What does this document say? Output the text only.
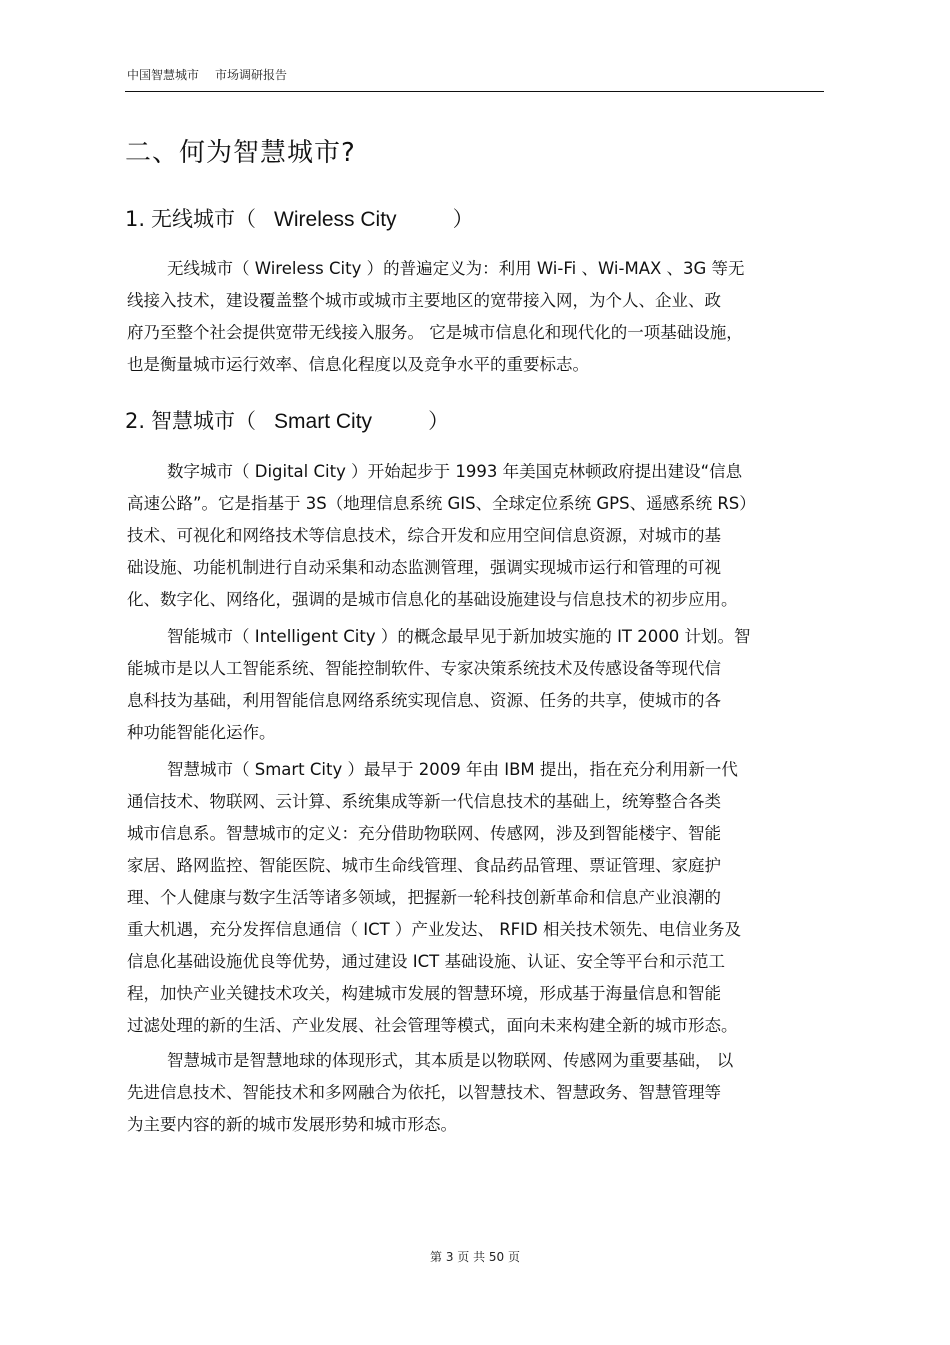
中国智慧城市 市场调研报告
二、何为智慧城市?
1. 无线城市（ Wireless City	）
无线城市（ Wireless City ）的普遍定义为：利用 Wi-Fi 、Wi-MAX 、3G 等无
线接入技术，建设覆盖整个城市或城市主要地区的宽带接入网，为个人、企业、政
府乃至整个社会提供宽带无线接入服务。 它是城市信息化和现代化的一项基础设施，
也是衡量城市运行效率、信息化程度以及竞争水平的重要标志。
2. 智慧城市（ Smart City	）
数字城市（ Digital City ）开始起步于 1993 年美国克林顿政府提出建设“信息
高速公路”。它是指基于 3S（地理信息系统 GIS、全球定位系统 GPS、遥感系统 RS）
技术、可视化和网络技术等信息技术，综合开发和应用空间信息资源，对城市的基
础设施、功能机制进行自动采集和动态监测管理，强调实现城市运行和管理的可视
化、数字化、网络化，强调的是城市信息化的基础设施建设与信息技术的初步应用。
智能城市（ Intelligent City ）的概念最早见于新加坡实施的 IT 2000 计划。智
能城市是以人工智能系统、智能控制软件、专家决策系统技术及传感设备等现代信
息科技为基础，利用智能信息网络系统实现信息、资源、任务的共享，使城市的各
种功能智能化运作。
智慧城市（ Smart City ）最早于 2009 年由 IBM 提出，指在充分利用新一代
通信技术、物联网、云计算、系统集成等新一代信息技术的基础上，统筹整合各类
城市信息系。智慧城市的定义：充分借助物联网、传感网，涉及到智能楼宇、智能
家居、路网监控、智能医院、城市生命线管理、食品药品管理、票证管理、家庭护
理、个人健康与数字生活等诸多领域，把握新一轮科技创新革命和信息产业浪潮的
重大机遇，充分发挥信息通信（ ICT ）产业发达、 RFID 相关技术领先、电信业务及
信息化基础设施优良等优势，通过建设 ICT 基础设施、认证、安全等平台和示范工
程，加快产业关键技术攻关，构建城市发展的智慧环境，形成基于海量信息和智能
过滤处理的新的生活、产业发展、社会管理等模式，面向未来构建全新的城市形态。
智慧城市是智慧地球的体现形式，其本质是以物联网、传感网为重要基础， 以
先进信息技术、智能技术和多网融合为依托，以智慧技术、智慧政务、智慧管理等
为主要内容的新的城市发展形势和城市形态。
第 3 页 共 50 页
